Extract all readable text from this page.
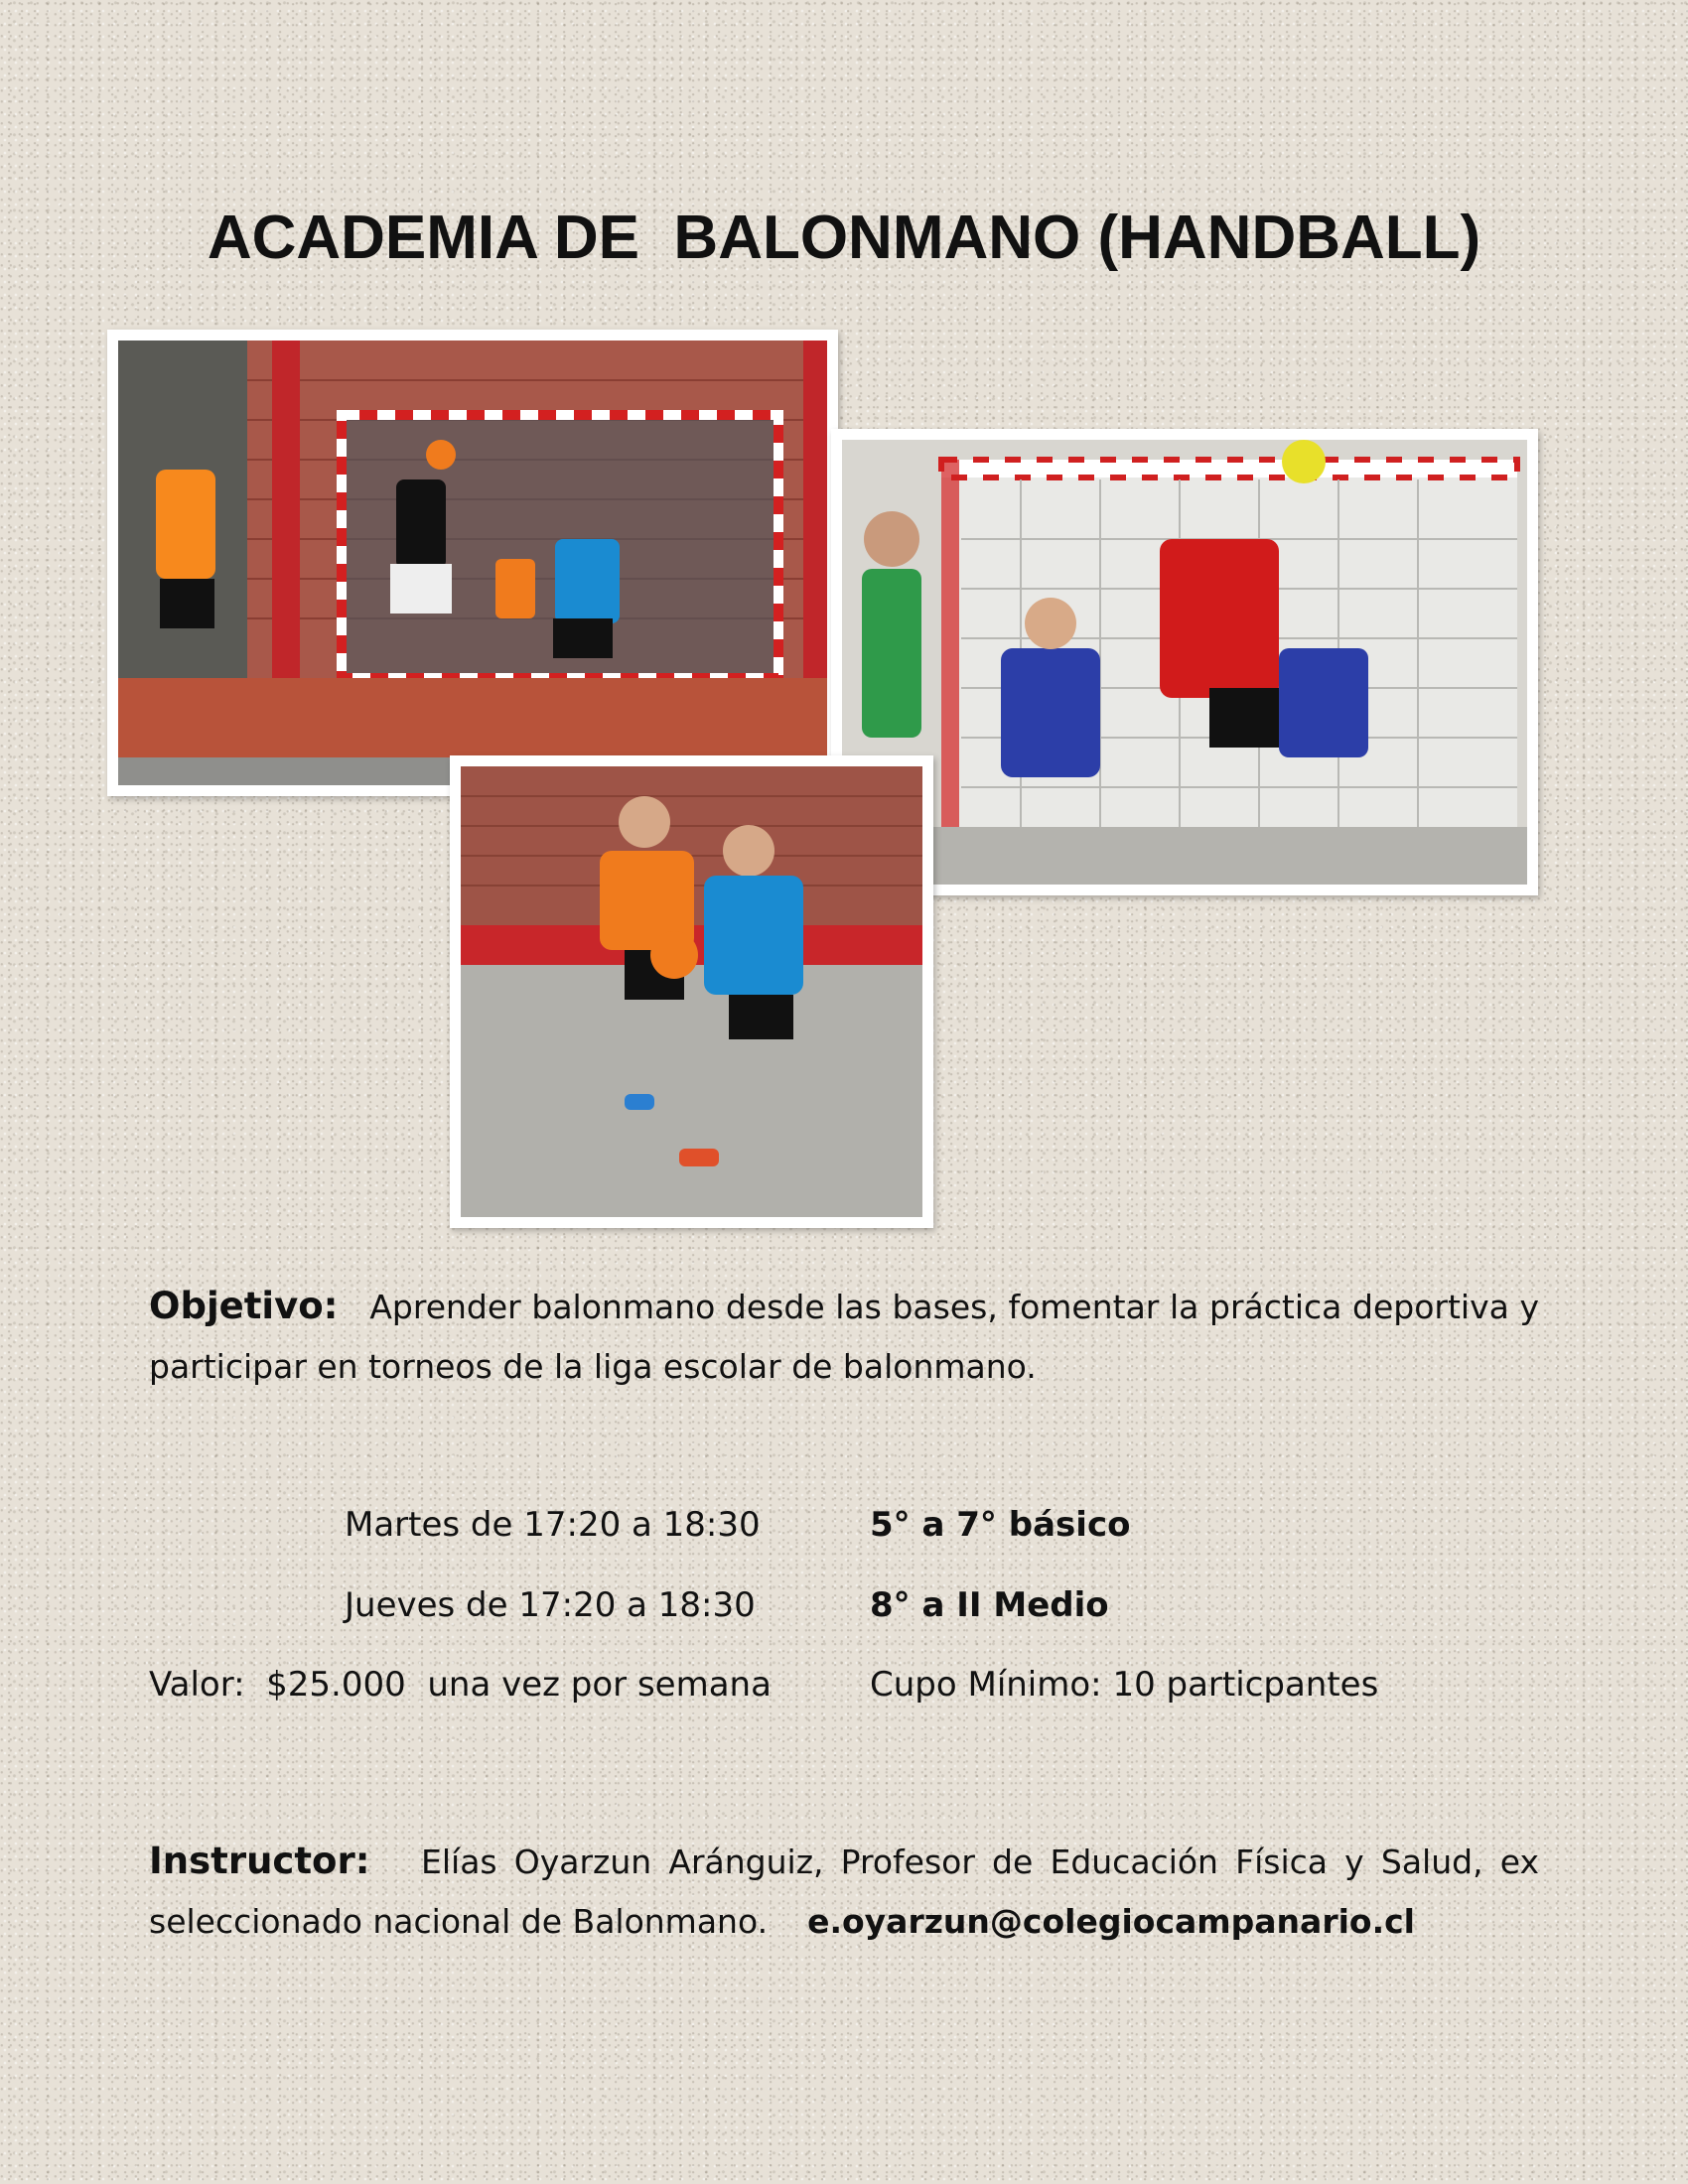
ACADEMIA DE  BALONMANO (HANDBALL)
Objetivo: Aprender balonmano desde las bases, fomentar la práctica deportiva y participar en torneos de la liga escolar de balonmano.
Martes de 17:20 a 18:30	5° a 7° básico
Jueves de 17:20 a 18:30	8° a II Medio
Valor:  $25.000  una vez por semana	Cupo Mínimo: 10 particpantes
Instructor: Elías Oyarzun Aránguiz, Profesor de Educación Física y Salud, ex seleccionado nacional de Balonmano. e.oyarzun@colegiocampanario.cl
